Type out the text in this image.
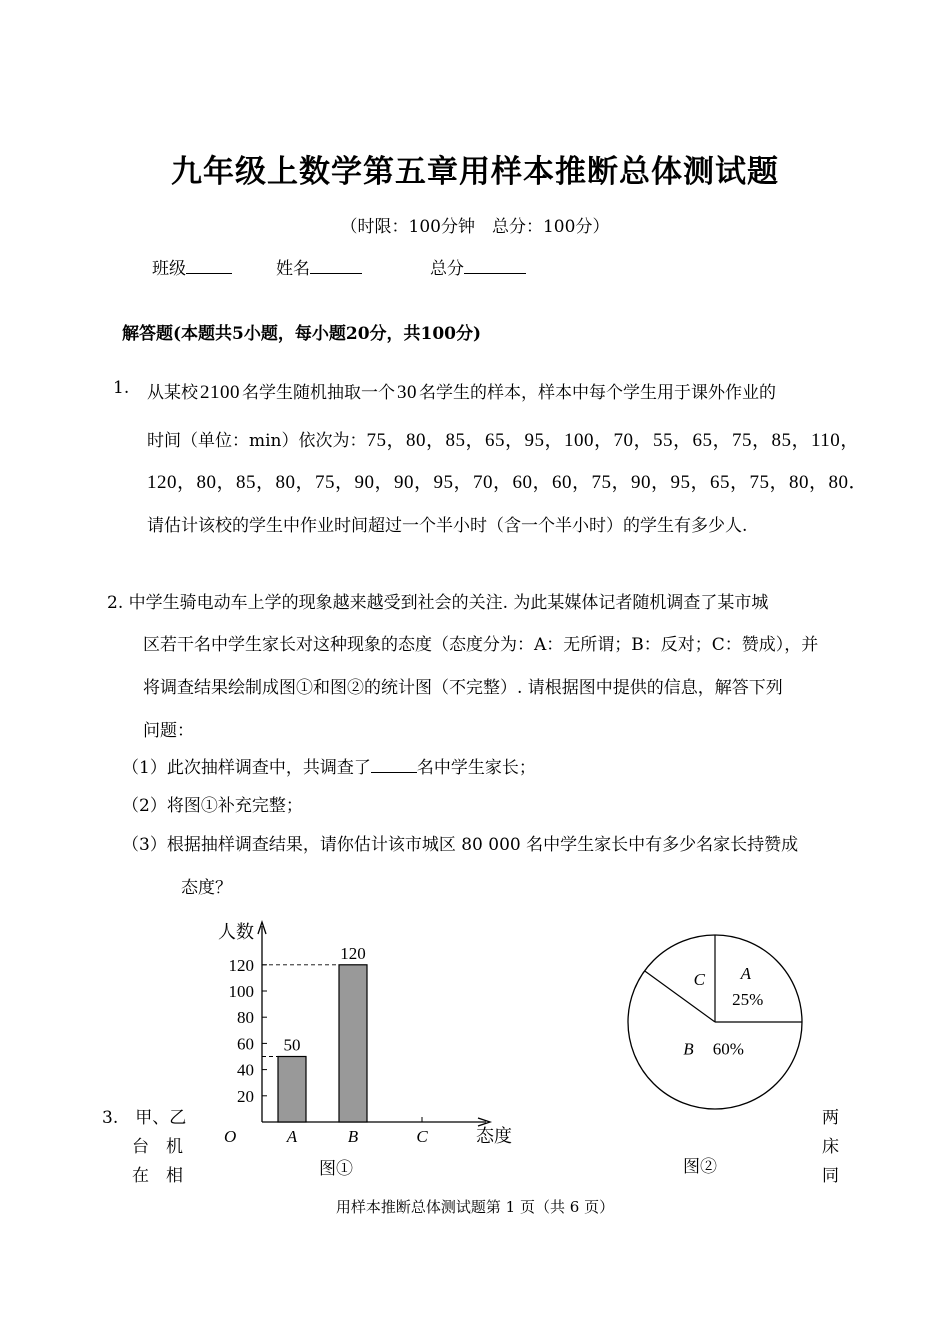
九年级上数学第五章用样本推断总体测试题
（时限：100分钟　总分：100分）
班级	姓名	总分
解答题(本题共5小题，每小题20分，共100分)
1. 从某校 2100 名学生随机抽取一个 30 名学生的样本，样本中每个学生用于课外作业的
时间（单位：min）依次为：75，80，85，65，95，100，70，55，65，75，85，110，
120，80，85，80，75，90，90，95，70，60，60，75，90，95，65，75，80，80．
请估计该校的学生中作业时间超过一个半小时（含一个半小时）的学生有多少人.
2. 中学生骑电动车上学的现象越来越受到社会的关注. 为此某媒体记者随机调查了某市城
区若干名中学生家长对这种现象的态度（态度分为：A：无所谓；B：反对；C：赞成），并
将调查结果绘制成图①和图②的统计图（不完整）. 请根据图中提供的信息，解答下列
问题：
（1）此次抽样调查中，共调查了	名中学生家长；
（2）将图①补充完整；
（3）根据抽样调查结果，请你估计该市城区 80 000 名中学生家长中有多少名家长持赞成
态度？
3.　甲、乙
台　机
在　相
两
床
同
人数
态度
O
20
40
60
80
100
120
A
50
B
120
C
图①
A
25%
B 60%
C
图②
用样本推断总体测试题第 1 页（共 6 页）
